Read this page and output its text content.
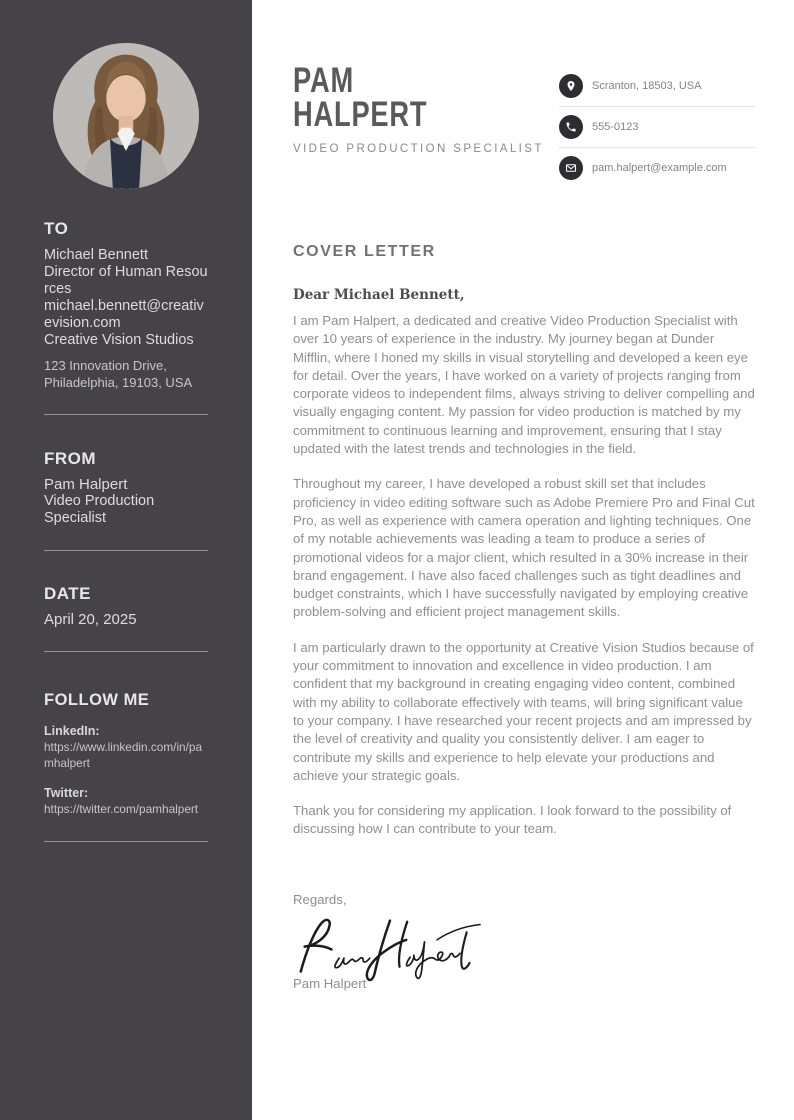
TO
Michael Bennett
Director of Human Resources
michael.bennett@creativevision.com
Creative Vision Studios
123 Innovation Drive,
Philadelphia, 19103, USA
FROM
Pam Halpert
Video Production Specialist
DATE
April 20, 2025
FOLLOW ME
LinkedIn:
https://www.linkedin.com/in/pamhalpert
Twitter:
https://twitter.com/pamhalpert
PAM
HALPERT
VIDEO PRODUCTION SPECIALIST
Scranton, 18503, USA
555-0123
pam.halpert@example.com
COVER LETTER

Dear Michael Bennett,

I am Pam Halpert, a dedicated and creative Video Production Specialist with over 10 years of experience in the industry. My journey began at Dunder Mifflin, where I honed my skills in visual storytelling and developed a keen eye for detail. Over the years, I have worked on a variety of projects ranging from corporate videos to independent films, always striving to deliver compelling and visually engaging content. My passion for video production is matched by my commitment to continuous learning and improvement, ensuring that I stay updated with the latest trends and technologies in the field.

Throughout my career, I have developed a robust skill set that includes proficiency in video editing software such as Adobe Premiere Pro and Final Cut Pro, as well as experience with camera operation and lighting techniques. One of my notable achievements was leading a team to produce a series of promotional videos for a major client, which resulted in a 30% increase in their brand engagement. I have also faced challenges such as tight deadlines and budget constraints, which I have successfully navigated by employing creative problem-solving and efficient project management skills.

I am particularly drawn to the opportunity at Creative Vision Studios because of your commitment to innovation and excellence in video production. I am confident that my background in creating engaging video content, combined with my ability to collaborate effectively with teams, will bring significant value to your company. I have researched your recent projects and am impressed by the level of creativity and quality you consistently deliver. I am eager to contribute my skills and experience to help elevate your productions and achieve your strategic goals.

Thank you for considering my application. I look forward to the possibility of discussing how I can contribute to your team.

Regards,

Pam Halpert
